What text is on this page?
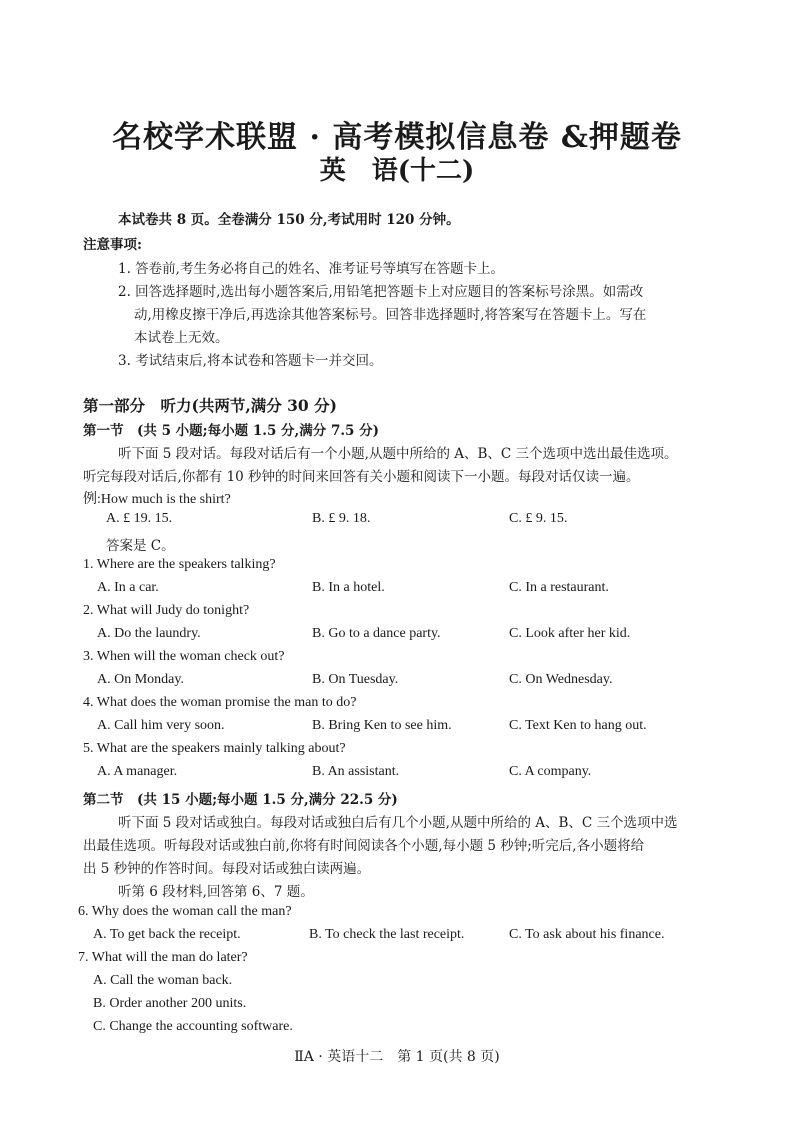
名校学术联盟 · 高考模拟信息卷 &押题卷
英　语(十二)
本试卷共 8 页。全卷满分 150 分,考试用时 120 分钟。
注意事项:
1. 答卷前,考生务必将自己的姓名、准考证号等填写在答题卡上。
2. 回答选择题时,选出每小题答案后,用铅笔把答题卡上对应题目的答案标号涂黑。如需改
动,用橡皮擦干净后,再选涂其他答案标号。回答非选择题时,将答案写在答题卡上。写在
本试卷上无效。
3. 考试结束后,将本试卷和答题卡一并交回。
第一部分　听力(共两节,满分 30 分)
第一节　(共 5 小题;每小题 1.5 分,满分 7.5 分)
听下面 5 段对话。每段对话后有一个小题,从题中所给的 A、B、C 三个选项中选出最佳选项。
听完每段对话后,你都有 10 秒钟的时间来回答有关小题和阅读下一小题。每段对话仅读一遍。
例:How much is the shirt?
A. £ 19. 15.	B. £ 9. 18.	C. £ 9. 15.
答案是 C。
1. Where are the speakers talking?
A. In a car.	B. In a hotel.	C. In a restaurant.
2. What will Judy do tonight?
A. Do the laundry.	B. Go to a dance party.	C. Look after her kid.
3. When will the woman check out?
A. On Monday.	B. On Tuesday.	C. On Wednesday.
4. What does the woman promise the man to do?
A. Call him very soon.	B. Bring Ken to see him.	C. Text Ken to hang out.
5. What are the speakers mainly talking about?
A. A manager.	B. An assistant.	C. A company.
第二节　(共 15 小题;每小题 1.5 分,满分 22.5 分)
听下面 5 段对话或独白。每段对话或独白后有几个小题,从题中所给的 A、B、C 三个选项中选
出最佳选项。听每段对话或独白前,你将有时间阅读各个小题,每小题 5 秒钟;听完后,各小题将给
出 5 秒钟的作答时间。每段对话或独白读两遍。
听第 6 段材料,回答第 6、7 题。
6. Why does the woman call the man?
A. To get back the receipt.	B. To check the last receipt.	C. To ask about his finance.
7. What will the man do later?
A. Call the woman back.
B. Order another 200 units.
C. Change the accounting software.
ⅡA · 英语十二　第 1 页(共 8 页)
